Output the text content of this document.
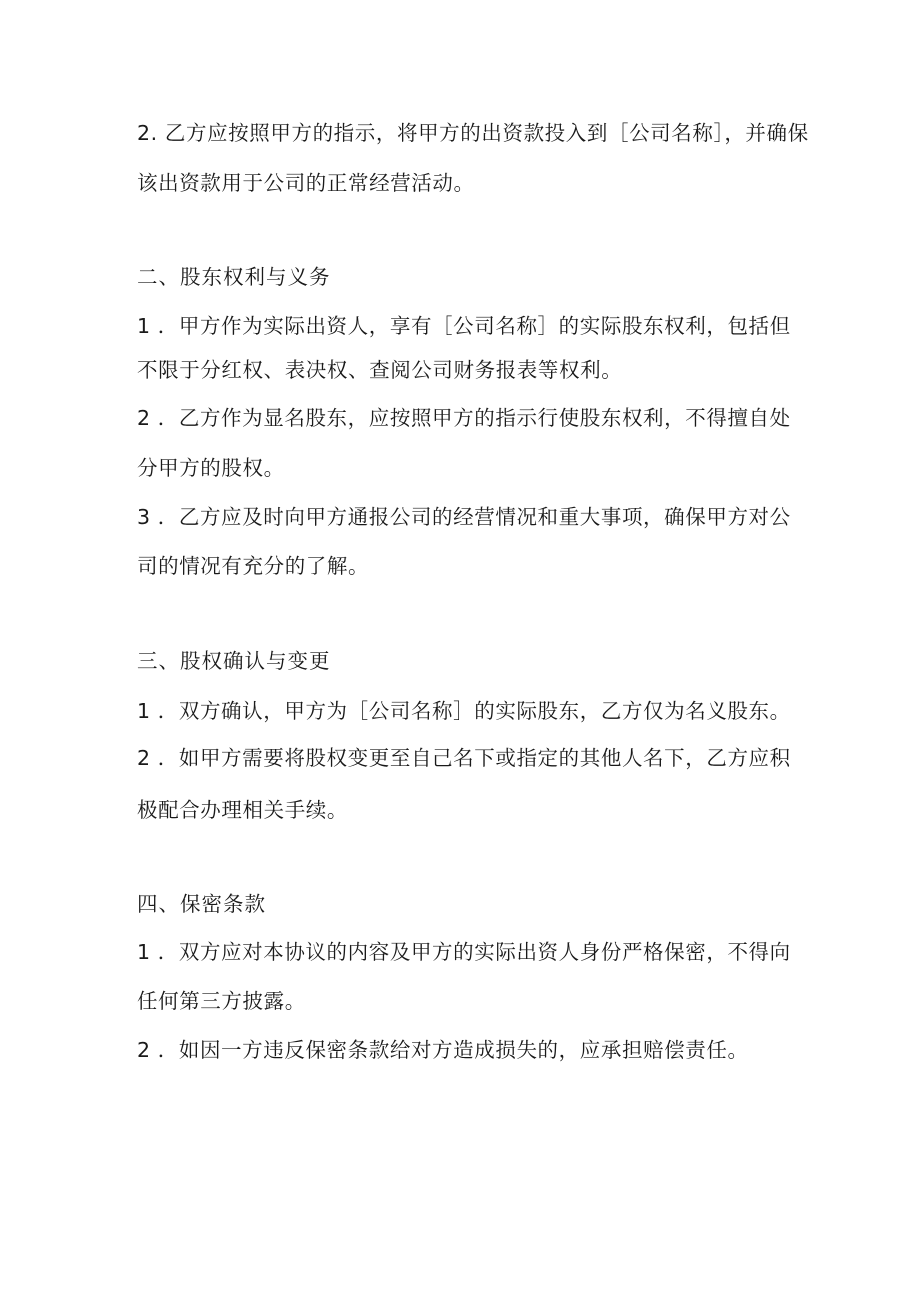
2. 乙方应按照甲方的指示，将甲方的出资款投入到［公司名称］，并确保
该出资款用于公司的正常经营活动。
二、股东权利与义务
1 ．甲方作为实际出资人，享有［公司名称］的实际股东权利，包括但
不限于分红权、表决权、查阅公司财务报表等权利。
2 ．乙方作为显名股东，应按照甲方的指示行使股东权利，不得擅自处
分甲方的股权。
3 ．乙方应及时向甲方通报公司的经营情况和重大事项，确保甲方对公
司的情况有充分的了解。
三、股权确认与变更
1 ．双方确认，甲方为［公司名称］的实际股东，乙方仅为名义股东。
2 ．如甲方需要将股权变更至自己名下或指定的其他人名下，乙方应积
极配合办理相关手续。
四、保密条款
1 ．双方应对本协议的内容及甲方的实际出资人身份严格保密，不得向
任何第三方披露。
2 ．如因一方违反保密条款给对方造成损失的，应承担赔偿责任。
